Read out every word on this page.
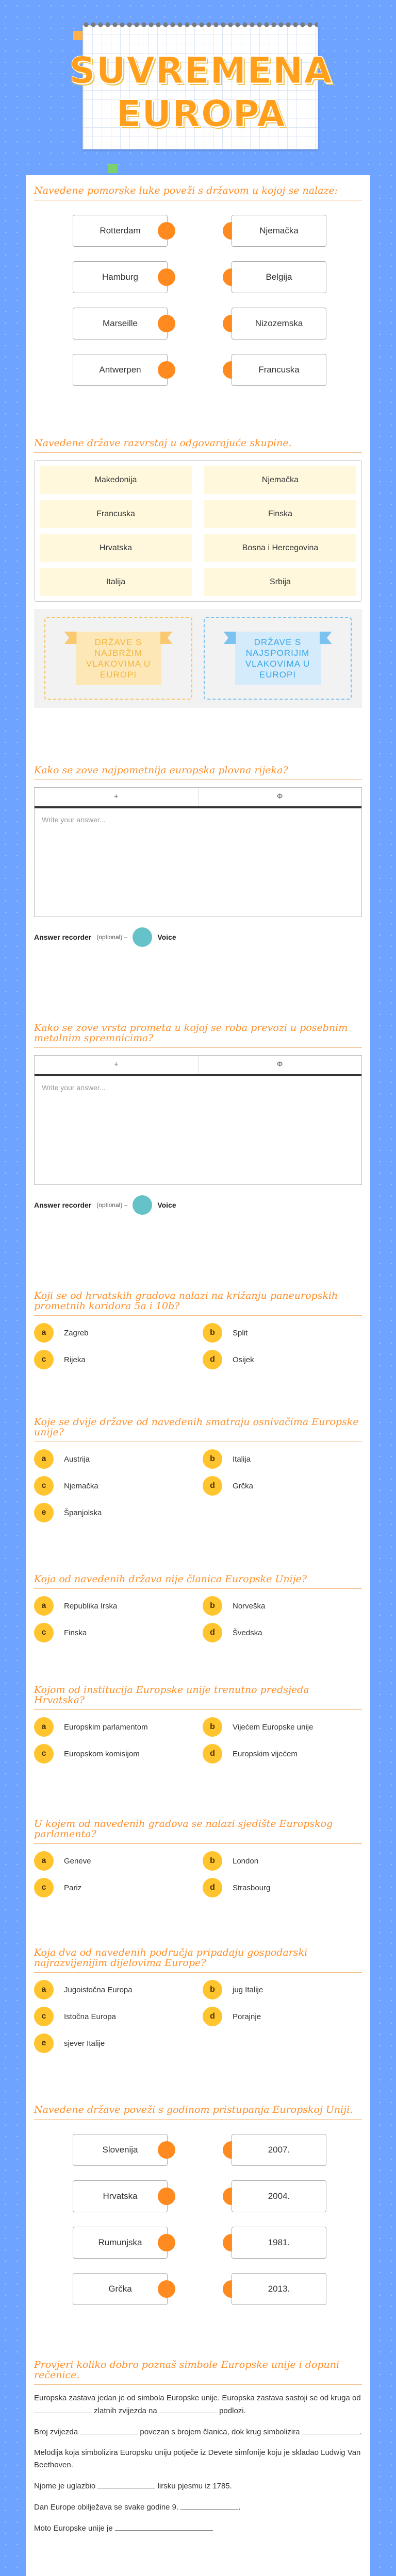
SUVREMENA EUROPA
Navedene pomorske luke poveži s državom u kojoj se nalaze:
Rotterdam	Njemačka
Hamburg	Belgija
Marseille	Nizozemska
Antwerpen	Francuska
Navedene države razvrstaj u odgovarajuće skupine.
Makedonija	Njemačka
Francuska	Finska
Hrvatska	Bosna i Hercegovina
Italija	Srbija
DRŽAVE S NAJBRŽIM VLAKOVIMA U EUROPI
DRŽAVE S NAJSPORIJIM VLAKOVIMA U EUROPI
Kako se zove najpometnija europska plovna rijeka?
+	Φ
Write your answer...
Answer recorder (optional) –	Voice
Kako se zove vrsta prometa u kojoj se roba prevozi u posebnim metalnim spremnicima?
+	Φ
Write your answer...
Answer recorder (optional) –	Voice
Koji se od hrvatskih gradova nalazi na križanju paneuropskih prometnih koridora 5a i 10b?
a	Zagreb	b	Split
c	Rijeka	d	Osijek
Koje se dvije države od navedenih smatraju osnivačima Europske unije?
a	Austrija	b	Italija
c	Njemačka	d	Grčka
e	Španjolska
Koja od navedenih država nije članica Europske Unije?
a	Republika Irska	b	Norveška
c	Finska	d	Švedska
Kojom od institucija Europske unije trenutno predsjeda Hrvatska?
a	Europskim parlamentom	b	Vijećem Europske unije
c	Europskom komisijom	d	Europskim vijećem
U kojem od navedenih gradova se nalazi sjedište Europskog parlamenta?
a	Geneve	b	London
c	Pariz	d	Strasbourg
Koja dva od navedenih područja pripadaju gospodarski najrazvijenijim dijelovima Europe?
a	Jugoistočna Europa	b	jug Italije
c	Istočna Europa	d	Porajnje
e	sjever Italije
Navedene države poveži s godinom pristupanja Europskoj Uniji.
Slovenija	2007.
Hrvatska	2004.
Rumunjska	1981.
Grčka	2013.
Provjeri koliko dobro poznaš simbole Europske unije i dopuni rečenice.

Europska zastava jedan je od simbola Europske unije. Europska zastava sastoji se od kruga od  zlatnih zvijezda na	podlozi.

Broj zvijezda	povezan s brojem članica, dok krug simbolizira	.

Melodija koja simbolizira Europsku uniju potječe iz Devete simfonije koju je skladao Ludwig Van Beethoven.

Njome je uglazbio	lirsku pjesmu iz 1785.

Dan Europe obilježava se svake godine 9.	.

Moto Europske unije je
